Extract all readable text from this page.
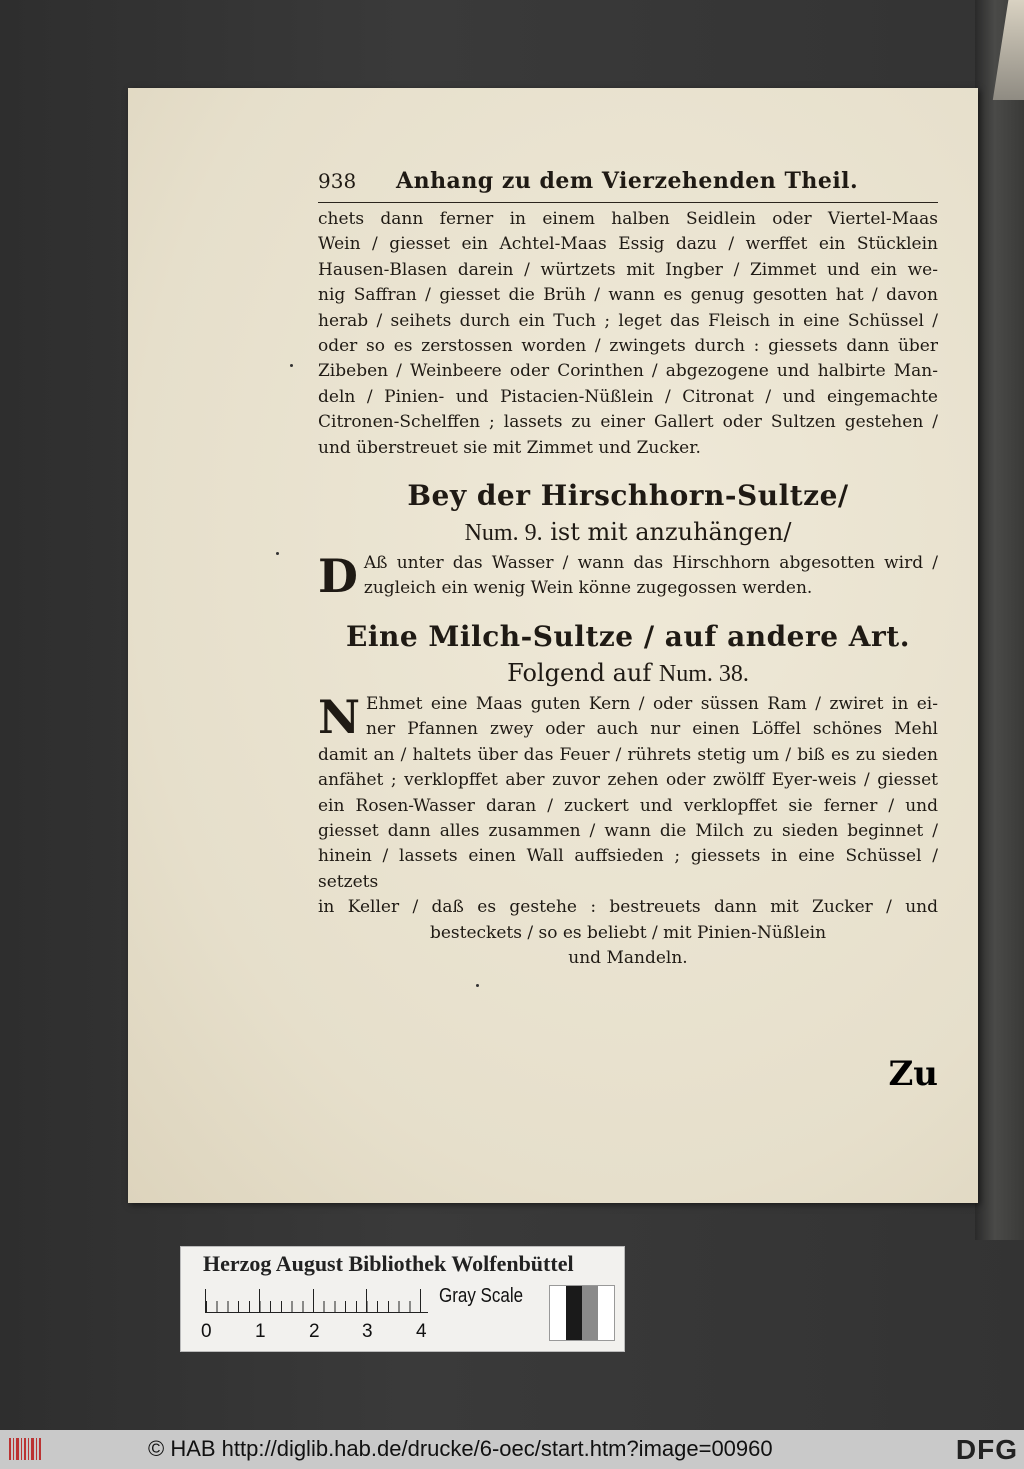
938	Anhang zu dem Vierzehenden Theil.
chets dann ferner in einem halben Seidlein oder Viertel-Maas
Wein / giesset ein Achtel-Maas Essig dazu / werffet ein Stücklein
Hausen-Blasen darein / würtzets mit Ingber / Zimmet und ein we-
nig Saffran / giesset die Brüh / wann es genug gesotten hat / davon
herab / seihets durch ein Tuch ; leget das Fleisch in eine Schüssel /
oder so es zerstossen worden / zwingets durch : giessets dann über
Zibeben / Weinbeere oder Corinthen / abgezogene und halbirte Man-
deln / Pinien- und Pistacien-Nüßlein / Citronat / und eingemachte
Citronen-Schelffen ; lassets zu einer Gallert oder Sultzen gestehen /
und überstreuet sie mit Zimmet und Zucker.
Bey der Hirschhorn-Sultze/
Num. 9. ist mit anzuhängen/
D Aß unter das Wasser / wann das Hirschhorn abgesotten wird /
zugleich ein wenig Wein könne zugegossen werden.
Eine Milch-Sultze / auf andere Art.
Folgend auf Num. 38.
N Ehmet eine Maas guten Kern / oder süssen Ram / zwiret in ei-
ner Pfannen zwey oder auch nur einen Löffel schönes Mehl
damit an / haltets über das Feuer / rührets stetig um / biß es zu sieden
anfähet ; verklopffet aber zuvor zehen oder zwölff Eyer-weis / giesset
ein Rosen-Wasser daran / zuckert und verklopffet sie ferner / und
giesset dann alles zusammen / wann die Milch zu sieden beginnet /
hinein / lassets einen Wall auffsieden ; giessets in eine Schüssel / setzets
in Keller / daß es gestehe : bestreuets dann mit Zucker / und
besteckets / so es beliebt / mit Pinien-Nüßlein
und Mandeln.
Zu
Herzog August Bibliothek Wolfenbüttel
0 1 2 3 4
Gray Scale
© HAB http://diglib.hab.de/drucke/6-oec/start.htm?image=00960	DFG
